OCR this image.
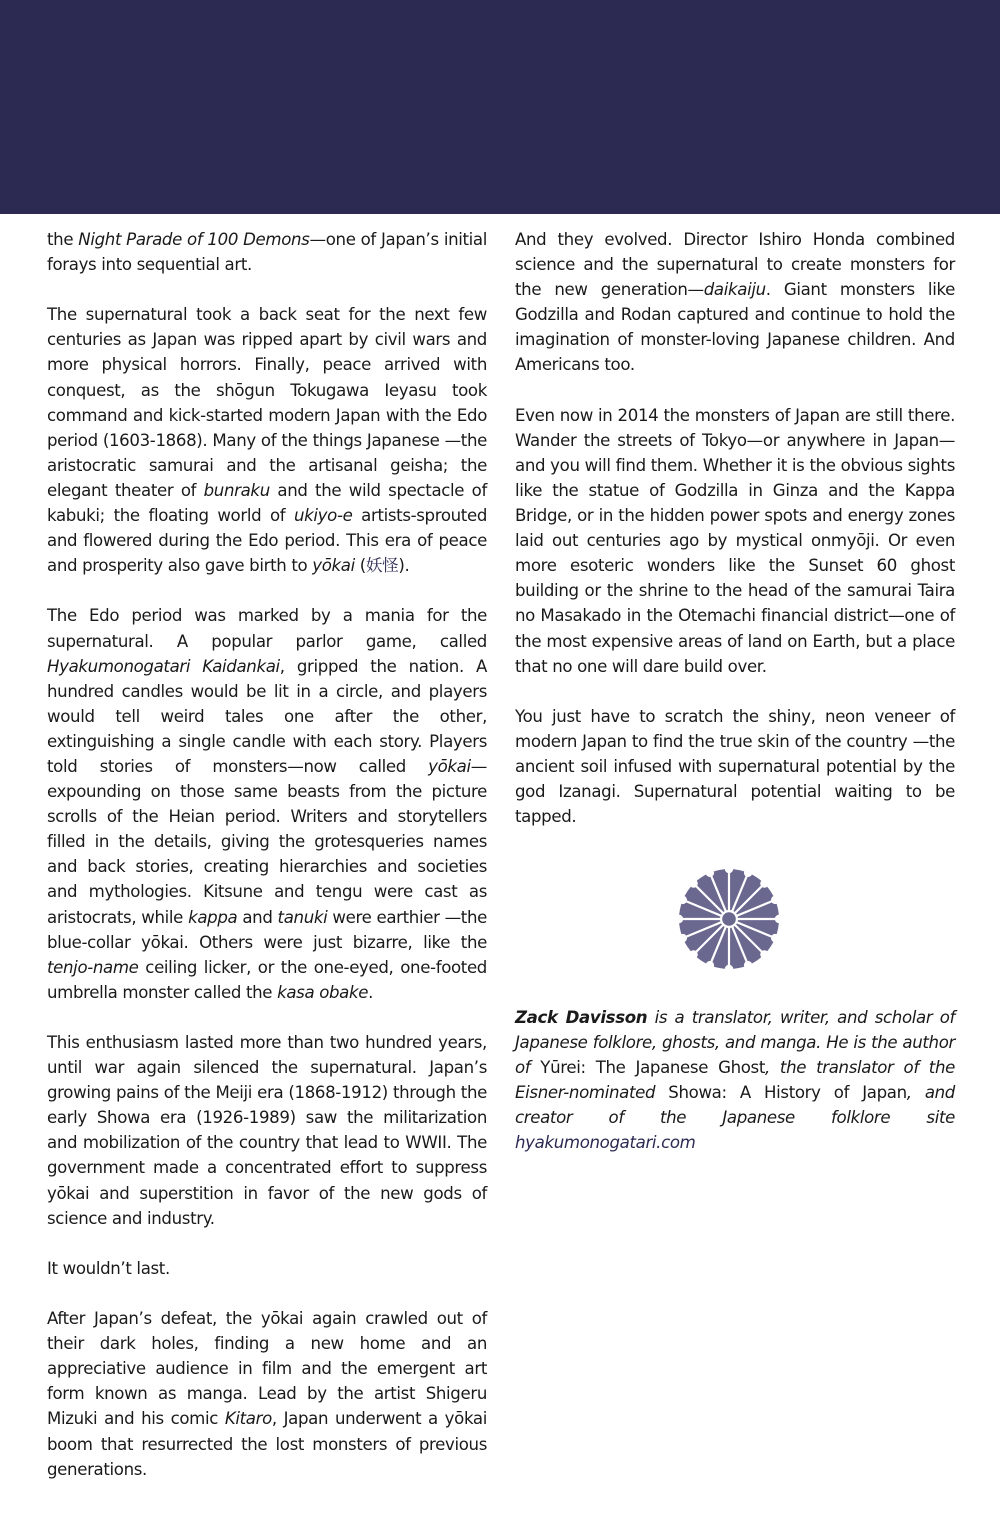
the Night Parade of 100 Demons—one of Japan’s initial forays into sequential art.

The supernatural took a back seat for the next few centuries as Japan was ripped apart by civil wars and more physical horrors. Finally, peace arrived with conquest, as the shōgun Tokugawa Ieyasu took command and kick-started modern Japan with the Edo period (1603-1868). Many of the things Japanese —the aristocratic samurai and the artisanal geisha; the elegant theater of bunraku and the wild spectacle of kabuki; the floating world of ukiyo-e artists-sprouted and flowered during the Edo period. This era of peace and prosperity also gave birth to yōkai (妖怪).

The Edo period was marked by a mania for the supernatural. A popular parlor game, called Hyakumonogatari Kaidankai, gripped the nation. A hundred candles would be lit in a circle, and players would tell weird tales one after the other, extinguishing a single candle with each story. Players told stories of monsters—now called yōkai—expounding on those same beasts from the picture scrolls of the Heian period. Writers and storytellers filled in the details, giving the grotesqueries names and back stories, creating hierarchies and societies and mythologies. Kitsune and tengu were cast as aristocrats, while kappa and tanuki were earthier —the blue-collar yōkai. Others were just bizarre, like the tenjo-name ceiling licker, or the one-eyed, one-footed umbrella monster called the kasa obake.

This enthusiasm lasted more than two hundred years, until war again silenced the supernatural. Japan’s growing pains of the Meiji era (1868-1912) through the early Showa era (1926-1989) saw the militarization and mobilization of the country that lead to WWII. The government made a concentrated effort to suppress yōkai and superstition in favor of the new gods of science and industry.

It wouldn’t last.

After Japan’s defeat, the yōkai again crawled out of their dark holes, finding a new home and an appreciative audience in film and the emergent art form known as manga. Lead by the artist Shigeru Mizuki and his comic Kitaro, Japan underwent a yōkai boom that resurrected the lost monsters of previous generations.

And they evolved. Director Ishiro Honda combined science and the supernatural to create monsters for the new generation—daikaiju. Giant monsters like Godzilla and Rodan captured and continue to hold the imagination of monster-loving Japanese children. And Americans too.

Even now in 2014 the monsters of Japan are still there. Wander the streets of Tokyo—or anywhere in Japan—and you will find them. Whether it is the obvious sights like the statue of Godzilla in Ginza and the Kappa Bridge, or in the hidden power spots and energy zones laid out centuries ago by mystical onmyōji. Or even more esoteric wonders like the Sunset 60 ghost building or the shrine to the head of the samurai Taira no Masakado in the Otemachi financial district—one of the most expensive areas of land on Earth, but a place that no one will dare build over.

You just have to scratch the shiny, neon veneer of modern Japan to find the true skin of the country —the ancient soil infused with supernatural potential by the god Izanagi. Supernatural potential waiting to be tapped.

Zack Davisson is a translator, writer, and scholar of Japanese folklore, ghosts, and manga. He is the author of Yūrei: The Japanese Ghost, the translator of the Eisner-nominated Showa: A History of Japan, and creator of the Japanese folklore site hyakumonogatari.com
